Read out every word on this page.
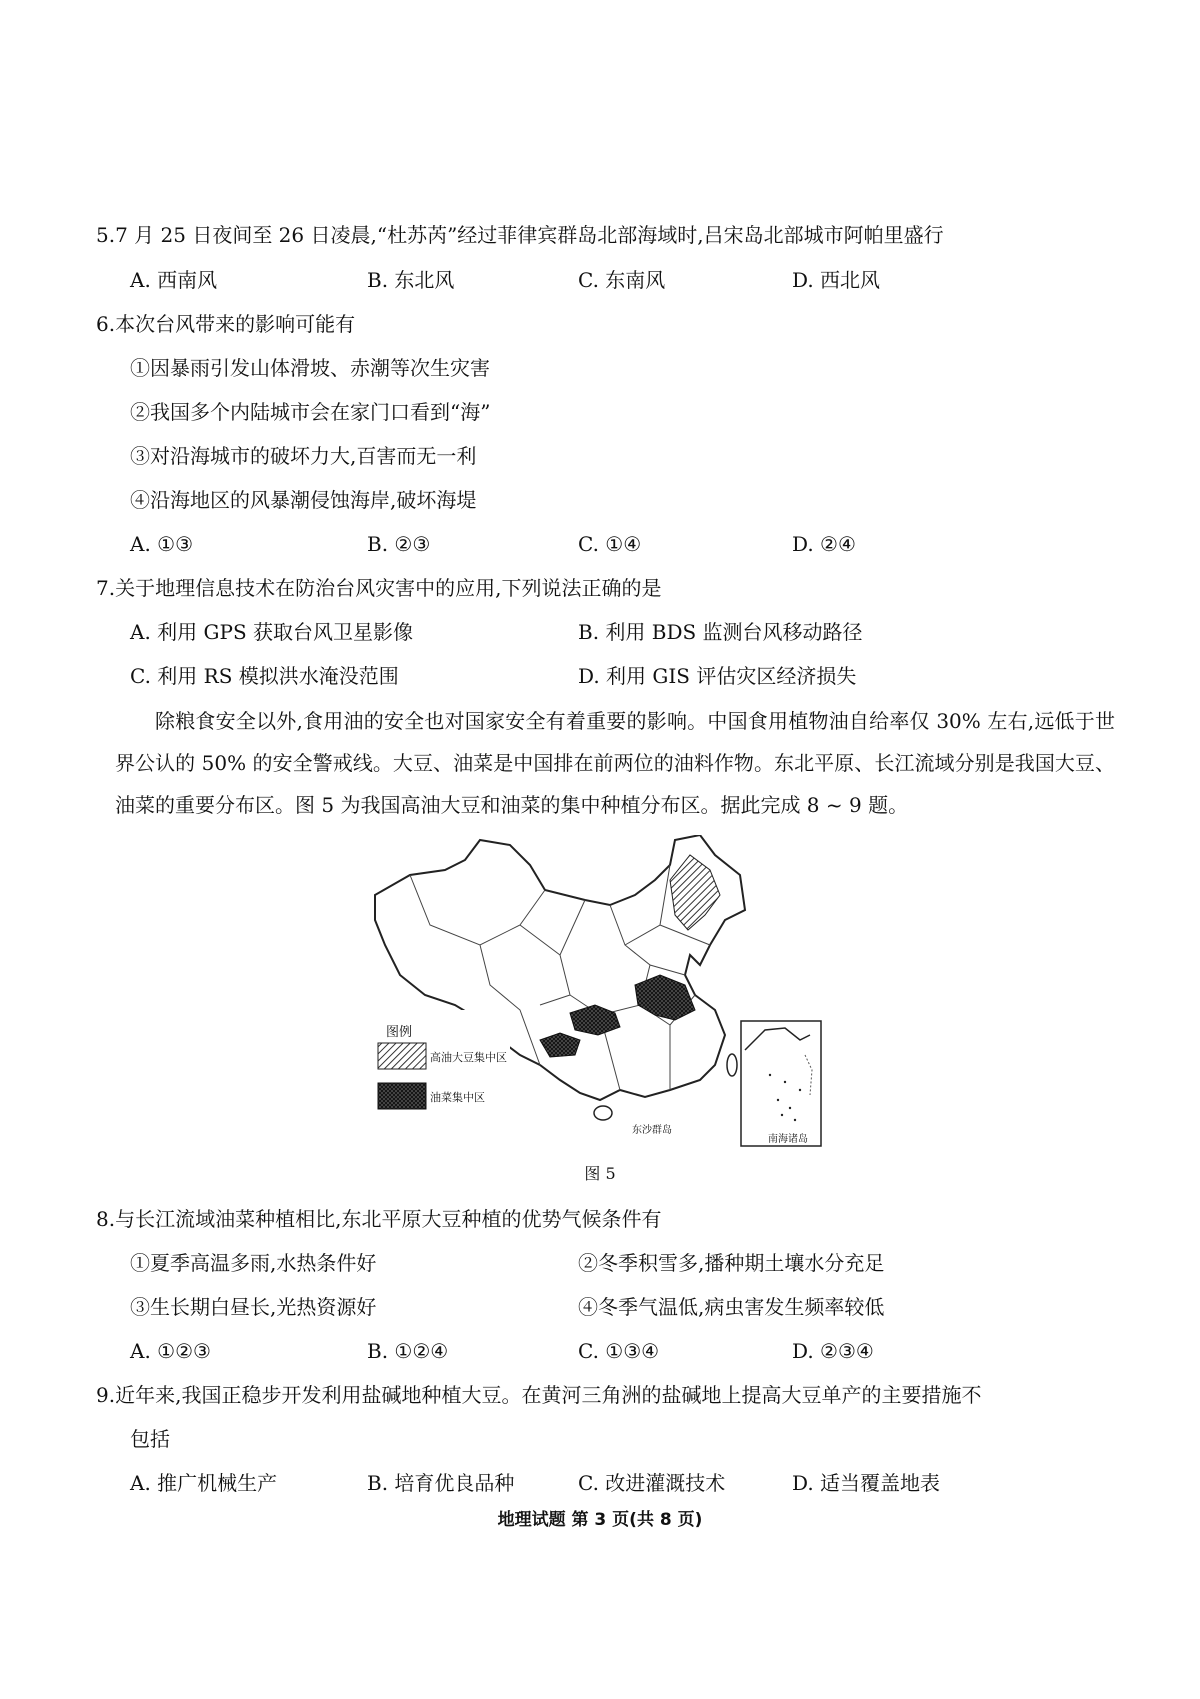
5.7 月 25 日夜间至 26 日凌晨,“杜苏芮”经过菲律宾群岛北部海域时,吕宋岛北部城市阿帕里盛行
A. 西南风	B. 东北风	C. 东南风	D. 西北风
6.本次台风带来的影响可能有
①因暴雨引发山体滑坡、赤潮等次生灾害
②我国多个内陆城市会在家门口看到“海”
③对沿海城市的破坏力大,百害而无一利
④沿海地区的风暴潮侵蚀海岸,破坏海堤
A. ①③	B. ②③	C. ①④	D. ②④
7.关于地理信息技术在防治台风灾害中的应用,下列说法正确的是
A. 利用 GPS 获取台风卫星影像	B. 利用 BDS 监测台风移动路径
C. 利用 RS 模拟洪水淹没范围	D. 利用 GIS 评估灾区经济损失
除粮食安全以外,食用油的安全也对国家安全有着重要的影响。中国食用植物油自给率仅 30% 左右,远低于世界公认的 50% 的安全警戒线。大豆、油菜是中国排在前两位的油料作物。东北平原、长江流域分别是我国大豆、油菜的重要分布区。图 5 为我国高油大豆和油菜的集中种植分布区。据此完成 8 ~ 9 题。
图例
高油大豆集中区
油菜集中区
东沙群岛
南海诸岛
图 5
8.与长江流域油菜种植相比,东北平原大豆种植的优势气候条件有
①夏季高温多雨,水热条件好	②冬季积雪多,播种期土壤水分充足
③生长期白昼长,光热资源好	④冬季气温低,病虫害发生频率较低
A. ①②③	B. ①②④	C. ①③④	D. ②③④
9.近年来,我国正稳步开发利用盐碱地种植大豆。在黄河三角洲的盐碱地上提高大豆单产的主要措施不
包括
A. 推广机械生产	B. 培育优良品种	C. 改进灌溉技术	D. 适当覆盖地表
地理试题 第 3 页(共 8 页)
